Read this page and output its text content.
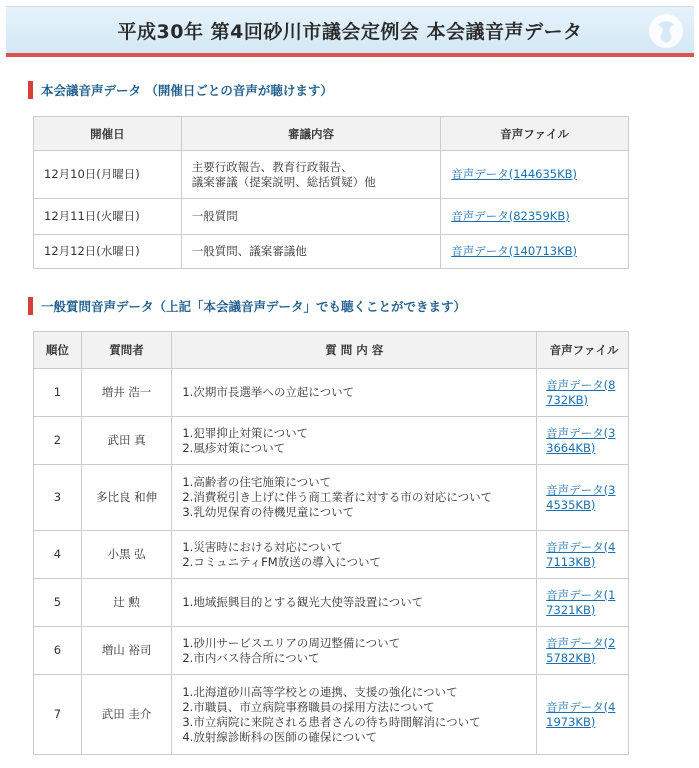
平成30年 第4回砂川市議会定例会 本会議音声データ
本会議音声データ （開催日ごとの音声が聴けます）
開催日	審議内容	音声ファイル
12月10日(月曜日)	主要行政報告、教育行政報告、
議案審議（提案説明、総括質疑）他	音声データ(144635KB)
12月11日(火曜日)	一般質問	音声データ(82359KB)
12月12日(水曜日)	一般質問、議案審議他	音声データ(140713KB)
一般質問音声データ（上記「本会議音声データ」でも聴くことができます）
順位	質問者	質 問 内 容	音声ファイル
1	増井 浩一	1.次期市長選挙への立起について	音声データ(8
732KB)
2	武田 真	1.犯罪抑止対策について
2.風疹対策について	音声データ(3
3664KB)
3	多比良 和伸	1.高齢者の住宅施策について
2.消費税引き上げに伴う商工業者に対する市の対応について
3.乳幼児保育の待機児童について	音声データ(3
4535KB)
4	小黒 弘	1.災害時における対応について
2.コミュニティFM放送の導入について	音声データ(4
7113KB)
5	辻 勲	1.地域振興目的とする観光大使等設置について	音声データ(1
7321KB)
6	増山 裕司	1.砂川サービスエリアの周辺整備について
2.市内バス待合所について	音声データ(2
5782KB)
7	武田 圭介	1.北海道砂川高等学校との連携、支援の強化について
2.市職員、市立病院事務職員の採用方法について
3.市立病院に来院される患者さんの待ち時間解消について
4.放射線診断科の医師の確保について	音声データ(4
1973KB)
